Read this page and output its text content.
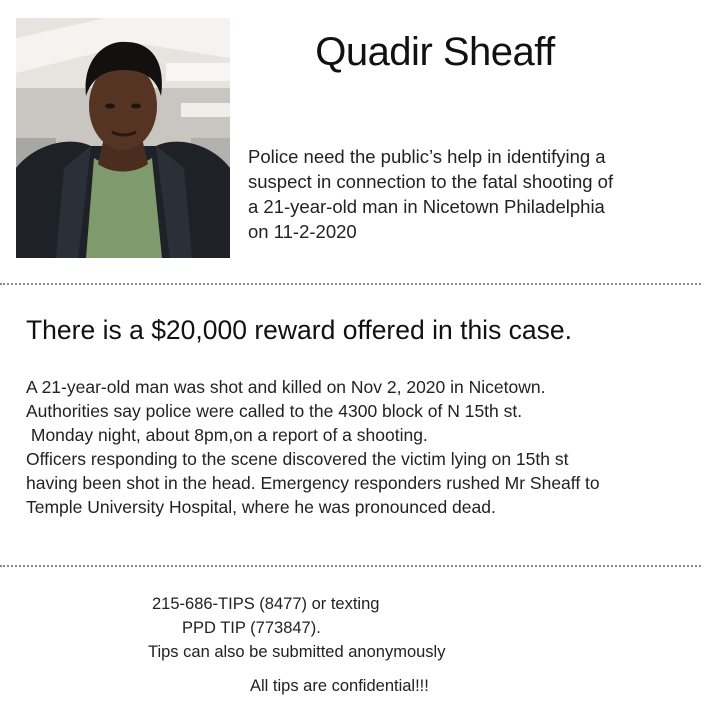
Quadir Sheaff
Police need the public’s help in identifying a
suspect in connection to the fatal shooting of
a 21-year-old man in Nicetown Philadelphia
on 11-2-2020
There is a $20,000 reward offered in this case.
A 21-year-old man was shot and killed on Nov 2, 2020 in Nicetown.
Authorities say police were called to the 4300 block of N 15th st.
Monday night, about 8pm,on a report of a shooting.
Officers responding to the scene discovered the victim lying on 15th st
having been shot in the head. Emergency responders rushed Mr Sheaff to
Temple University Hospital, where he was pronounced dead.
215-686-TIPS (8477) or texting
PPD TIP (773847).
Tips can also be submitted anonymously
All tips are confidential!!!
